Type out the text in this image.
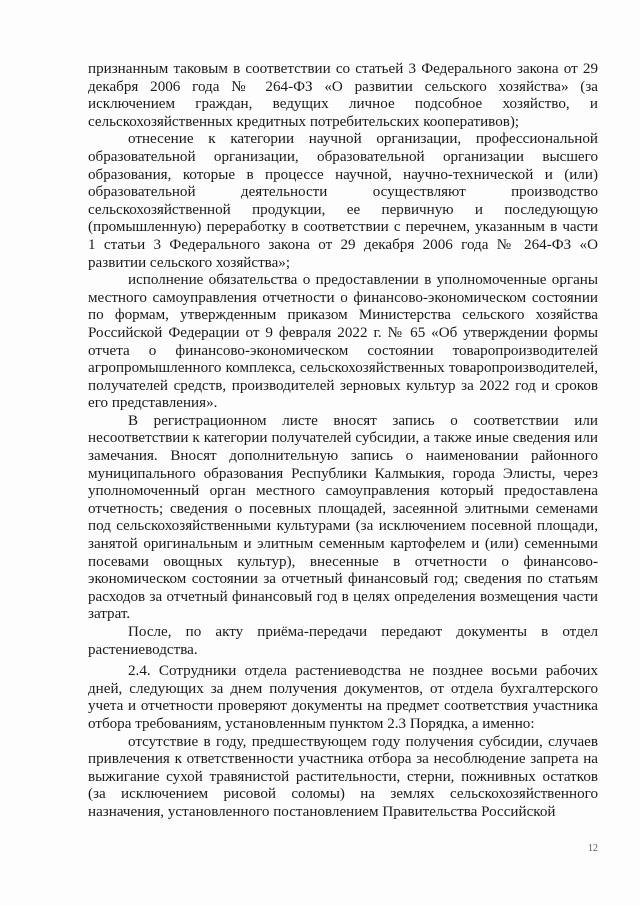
признанным таковым в соответствии со статьей 3 Федерального закона от 29 декабря 2006 года № 264-ФЗ «О развитии сельского хозяйства» (за исключением граждан, ведущих личное подсобное хозяйство, и сельскохозяйственных кредитных потребительских кооперативов);

отнесение к категории научной организации, профессиональной образовательной организации, образовательной организации высшего образования, которые в процессе научной, научно-технической и (или) образовательной деятельности осуществляют производство сельскохозяйственной продукции, ее первичную и последующую (промышленную) переработку в соответствии с перечнем, указанным в части 1 статьи 3 Федерального закона от 29 декабря 2006 года № 264-ФЗ «О развитии сельского хозяйства»;

исполнение обязательства о предоставлении в уполномоченные органы местного самоуправления отчетности о финансово-экономическом состоянии по формам, утвержденным приказом Министерства сельского хозяйства Российской Федерации от 9 февраля 2022 г. № 65 «Об утверждении формы отчета о финансово-экономическом состоянии товаропроизводителей агропромышленного комплекса, сельскохозяйственных товаропроизводителей, получателей средств, производителей зерновых культур за 2022 год и сроков его представления».

В регистрационном листе вносят запись о соответствии или несоответствии к категории получателей субсидии, а также иные сведения или замечания. Вносят дополнительную запись о наименовании районного муниципального образования Республики Калмыкия, города Элисты, через уполномоченный орган местного самоуправления который предоставлена отчетность; сведения о посевных площадей, засеянной элитными семенами под сельскохозяйственными культурами (за исключением посевной площади, занятой оригинальным и элитным семенным картофелем и (или) семенными посевами овощных культур), внесенные в отчетности о финансово-экономическом состоянии за отчетный финансовый год; сведения по статьям расходов за отчетный финансовый год в целях определения возмещения части затрат.

После, по акту приёма-передачи передают документы в отдел растениеводства.

2.4. Сотрудники отдела растениеводства не позднее восьми рабочих дней, следующих за днем получения документов, от отдела бухгалтерского учета и отчетности проверяют документы на предмет соответствия участника отбора требованиям, установленным пунктом 2.3 Порядка, а именно:

отсутствие в году, предшествующем году получения субсидии, случаев привлечения к ответственности участника отбора за несоблюдение запрета на выжигание сухой травянистой растительности, стерни, пожнивных остатков (за исключением рисовой соломы) на землях сельскохозяйственного назначения, установленного постановлением Правительства Российской

12
